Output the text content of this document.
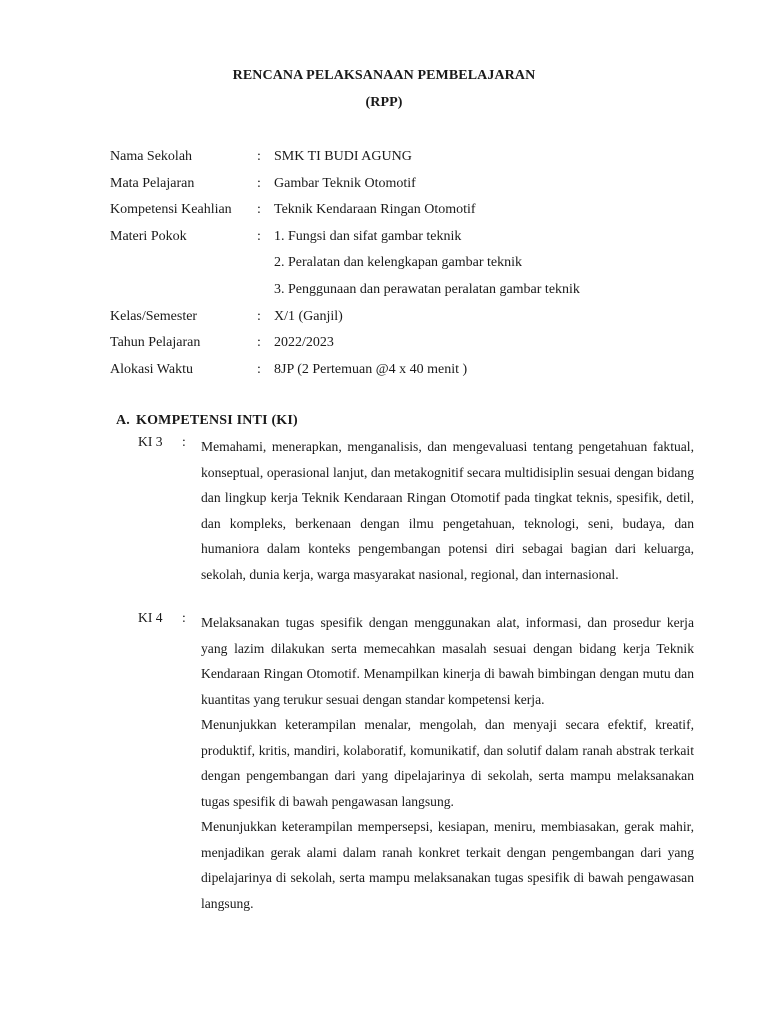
RENCANA PELAKSANAAN PEMBELAJARAN
(RPP)
Nama Sekolah	: SMK TI BUDI AGUNG
Mata Pelajaran	: Gambar Teknik Otomotif
Kompetensi Keahlian : Teknik Kendaraan Ringan Otomotif
Materi Pokok	: 1. Fungsi dan sifat gambar teknik
2. Peralatan dan kelengkapan gambar teknik
3. Penggunaan dan perawatan peralatan gambar teknik
Kelas/Semester	: X/1 (Ganjil)
Tahun Pelajaran	: 2022/2023
Alokasi Waktu	: 8JP (2 Pertemuan @4 x 40 menit )
A. KOMPETENSI INTI (KI)
KI 3 : Memahami, menerapkan, menganalisis, dan mengevaluasi tentang pengetahuan faktual, konseptual, operasional lanjut, dan metakognitif secara multidisiplin sesuai dengan bidang dan lingkup kerja Teknik Kendaraan Ringan Otomotif pada tingkat teknis, spesifik, detil, dan kompleks, berkenaan dengan ilmu pengetahuan, teknologi, seni, budaya, dan humaniora dalam konteks pengembangan potensi diri sebagai bagian dari keluarga, sekolah, dunia kerja, warga masyarakat nasional, regional, dan internasional.

KI 4 : Melaksanakan tugas spesifik dengan menggunakan alat, informasi, dan prosedur kerja yang lazim dilakukan serta memecahkan masalah sesuai dengan bidang kerja Teknik Kendaraan Ringan Otomotif. Menampilkan kinerja di bawah bimbingan dengan mutu dan kuantitas yang terukur sesuai dengan standar kompetensi kerja.

Menunjukkan keterampilan menalar, mengolah, dan menyaji secara efektif, kreatif, produktif, kritis, mandiri, kolaboratif, komunikatif, dan solutif dalam ranah abstrak terkait dengan pengembangan dari yang dipelajarinya di sekolah, serta mampu melaksanakan tugas spesifik di bawah pengawasan langsung.

Menunjukkan keterampilan mempersepsi, kesiapan, meniru, membiasakan, gerak mahir, menjadikan gerak alami dalam ranah konkret terkait dengan pengembangan dari yang dipelajarinya di sekolah, serta mampu melaksanakan tugas spesifik di bawah pengawasan langsung.
